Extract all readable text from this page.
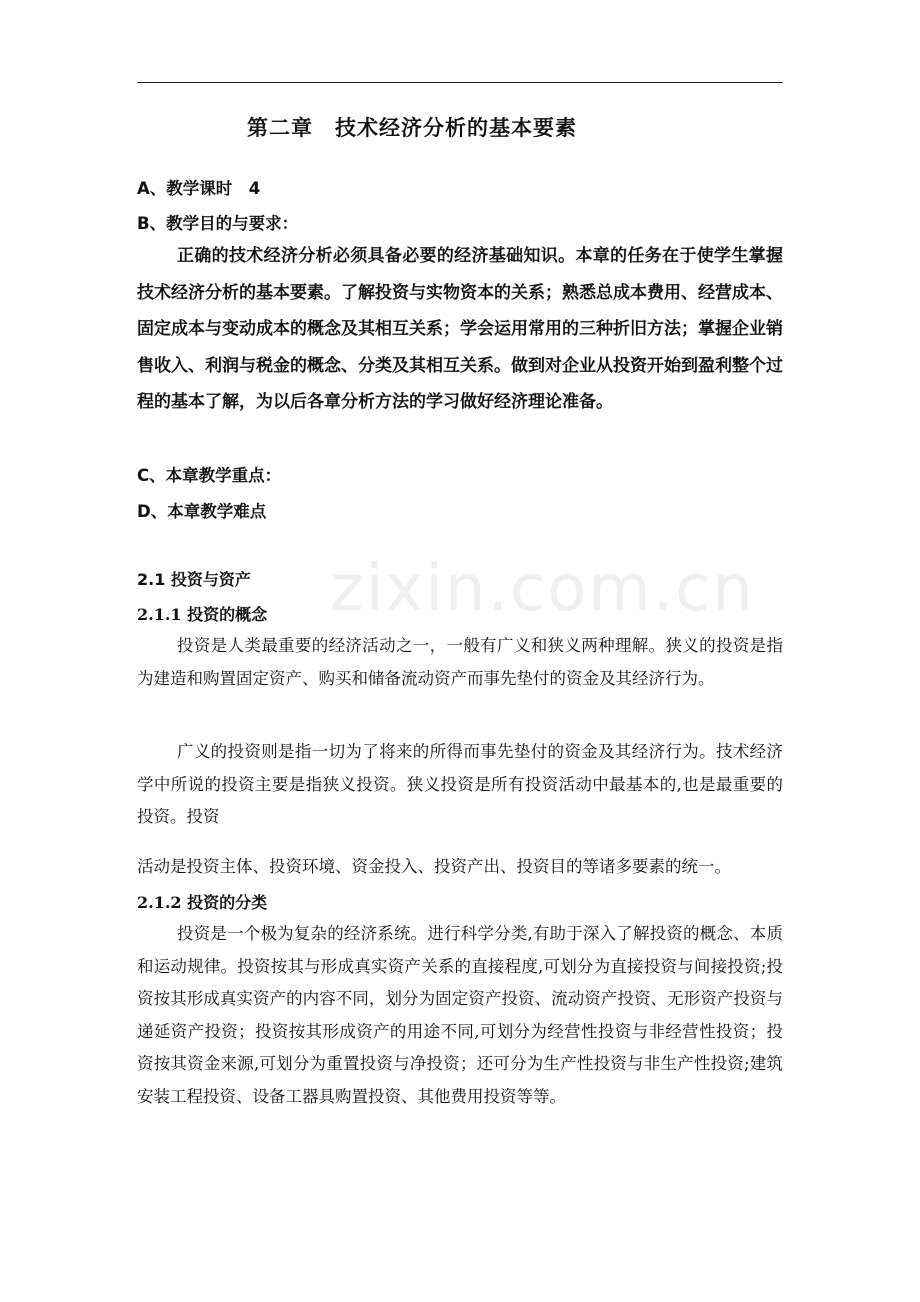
第二章　技术经济分析的基本要素

A、教学课时　4

B、教学目的与要求：

正确的技术经济分析必须具备必要的经济基础知识。本章的任务在于使学生掌握技术经济分析的基本要素。了解投资与实物资本的关系；熟悉总成本费用、经营成本、固定成本与变动成本的概念及其相互关系；学会运用常用的三种折旧方法；掌握企业销售收入、利润与税金的概念、分类及其相互关系。做到对企业从投资开始到盈利整个过程的基本了解，为以后各章分析方法的学习做好经济理论准备。

C、本章教学重点：

D、本章教学难点

2.1 投资与资产
2.1.1 投资的概念

投资是人类最重要的经济活动之一，一般有广义和狭义两种理解。狭义的投资是指为建造和购置固定资产、购买和储备流动资产而事先垫付的资金及其经济行为。

广义的投资则是指一切为了将来的所得而事先垫付的资金及其经济行为。技术经济学中所说的投资主要是指狭义投资。狭义投资是所有投资活动中最基本的,也是最重要的投资。投资

活动是投资主体、投资环境、资金投入、投资产出、投资目的等诸多要素的统一。

2.1.2 投资的分类

投资是一个极为复杂的经济系统。进行科学分类,有助于深入了解投资的概念、本质和运动规律。投资按其与形成真实资产关系的直接程度,可划分为直接投资与间接投资;投资按其形成真实资产的内容不同，划分为固定资产投资、流动资产投资、无形资产投资与递延资产投资；投资按其形成资产的用途不同,可划分为经营性投资与非经营性投资；投资按其资金来源,可划分为重置投资与净投资；还可分为生产性投资与非生产性投资;建筑安装工程投资、设备工器具购置投资、其他费用投资等等。

zixin.com.cn
